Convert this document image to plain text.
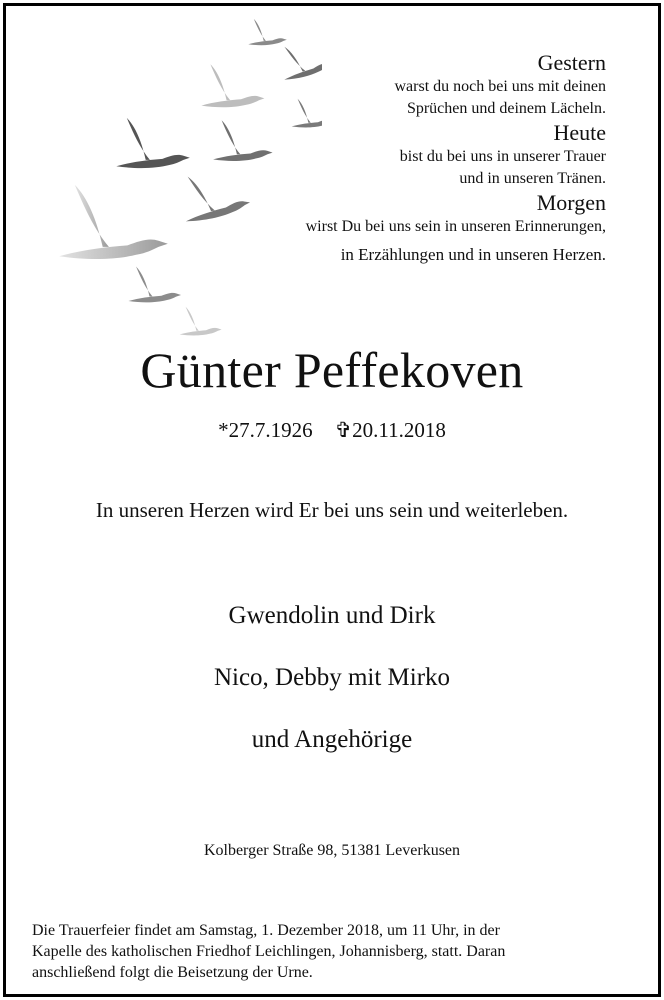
Gestern
warst du noch bei uns mit deinen
Sprüchen und deinem Lächeln.
Heute
bist du bei uns in unserer Trauer
und in unseren Tränen.
Morgen
wirst Du bei uns sein in unseren Erinnerungen,
in Erzählungen und in unseren Herzen.
Günter Peffekoven
*27.7.1926 ✞20.11.2018
In unseren Herzen wird Er bei uns sein und weiterleben.
Gwendolin und Dirk
Nico, Debby mit Mirko
und Angehörige
Kolberger Straße 98, 51381 Leverkusen
Die Trauerfeier findet am Samstag, 1. Dezember 2018, um 11 Uhr, in der
Kapelle des katholischen Friedhof Leichlingen, Johannisberg, statt. Daran
anschließend folgt die Beisetzung der Urne.
